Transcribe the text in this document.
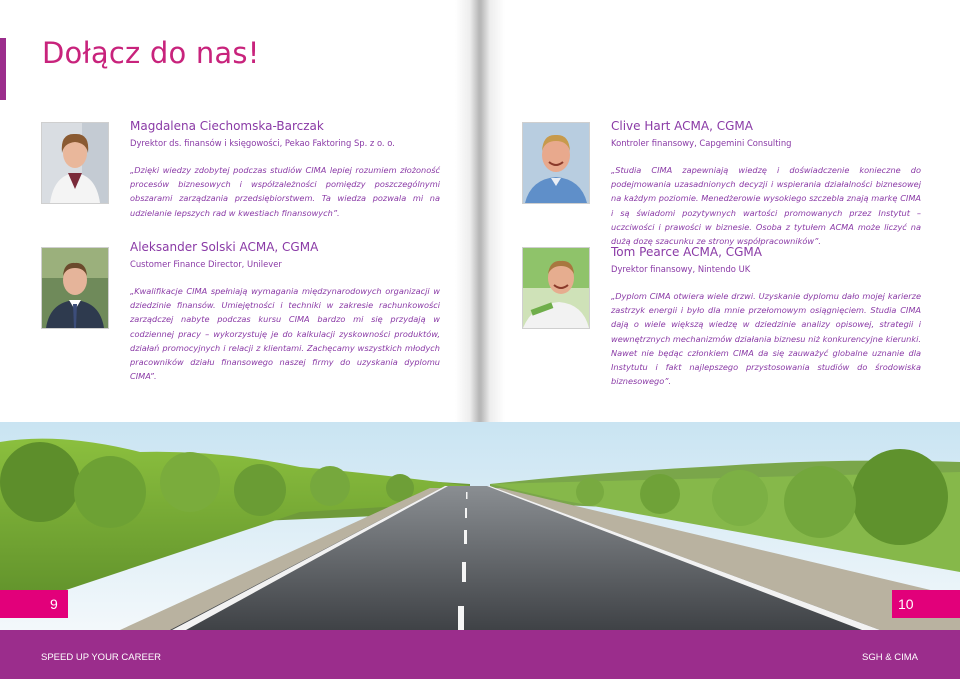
Dołącz do nas!
Magdalena Ciechomska-Barczak
Dyrektor ds. finansów i księgowości, Pekao Faktoring Sp. z o. o.
„Dzięki wiedzy zdobytej podczas studiów CIMA lepiej rozumiem złożoność procesów biznesowych i współzależności pomiędzy poszczególnymi obszarami zarządzania przedsiębiorstwem. Ta wiedza pozwala mi na udzielanie lepszych rad w kwestiach finansowych”.
Aleksander Solski ACMA, CGMA
Customer Finance Director, Unilever
„Kwalifikacje CIMA spełniają wymagania międzynarodowych organizacji w dziedzinie finansów. Umiejętności i techniki w zakresie rachunkowości zarządczej nabyte podczas kursu CIMA bardzo mi się przydają w codziennej pracy – wykorzystuję je do kalkulacji zyskowności produktów, działań promocyjnych i relacji z klientami. Zachęcamy wszystkich młodych pracowników działu finansowego naszej firmy do uzyskania dyplomu CIMA”.
Clive Hart ACMA, CGMA
Kontroler finansowy, Capgemini Consulting
„Studia CIMA zapewniają wiedzę i doświadczenie konieczne do podejmowania uzasadnionych decyzji i wspierania działalności biznesowej na każdym poziomie. Menedżerowie wysokiego szczebla znają markę CIMA i są świadomi pozytywnych wartości promowanych przez Instytut – uczciwości i prawości w biznesie. Osoba z tytułem ACMA może liczyć na dużą dozę szacunku ze strony współpracowników”.
Tom Pearce ACMA, CGMA
Dyrektor finansowy, Nintendo UK
„Dyplom CIMA otwiera wiele drzwi. Uzyskanie dyplomu dało mojej karierze zastrzyk energii i było dla mnie przełomowym osiągnięciem. Studia CIMA dają o wiele większą wiedzę w dziedzinie analizy opisowej, strategii i wewnętrznych mechanizmów działania biznesu niż konkurencyjne kierunki. Nawet nie będąc członkiem CIMA da się zauważyć globalne uznanie dla Instytutu i fakt najlepszego przystosowania studiów do środowiska biznesowego”.
9	10
SPEED UP YOUR CAREER	SGH & CIMA
